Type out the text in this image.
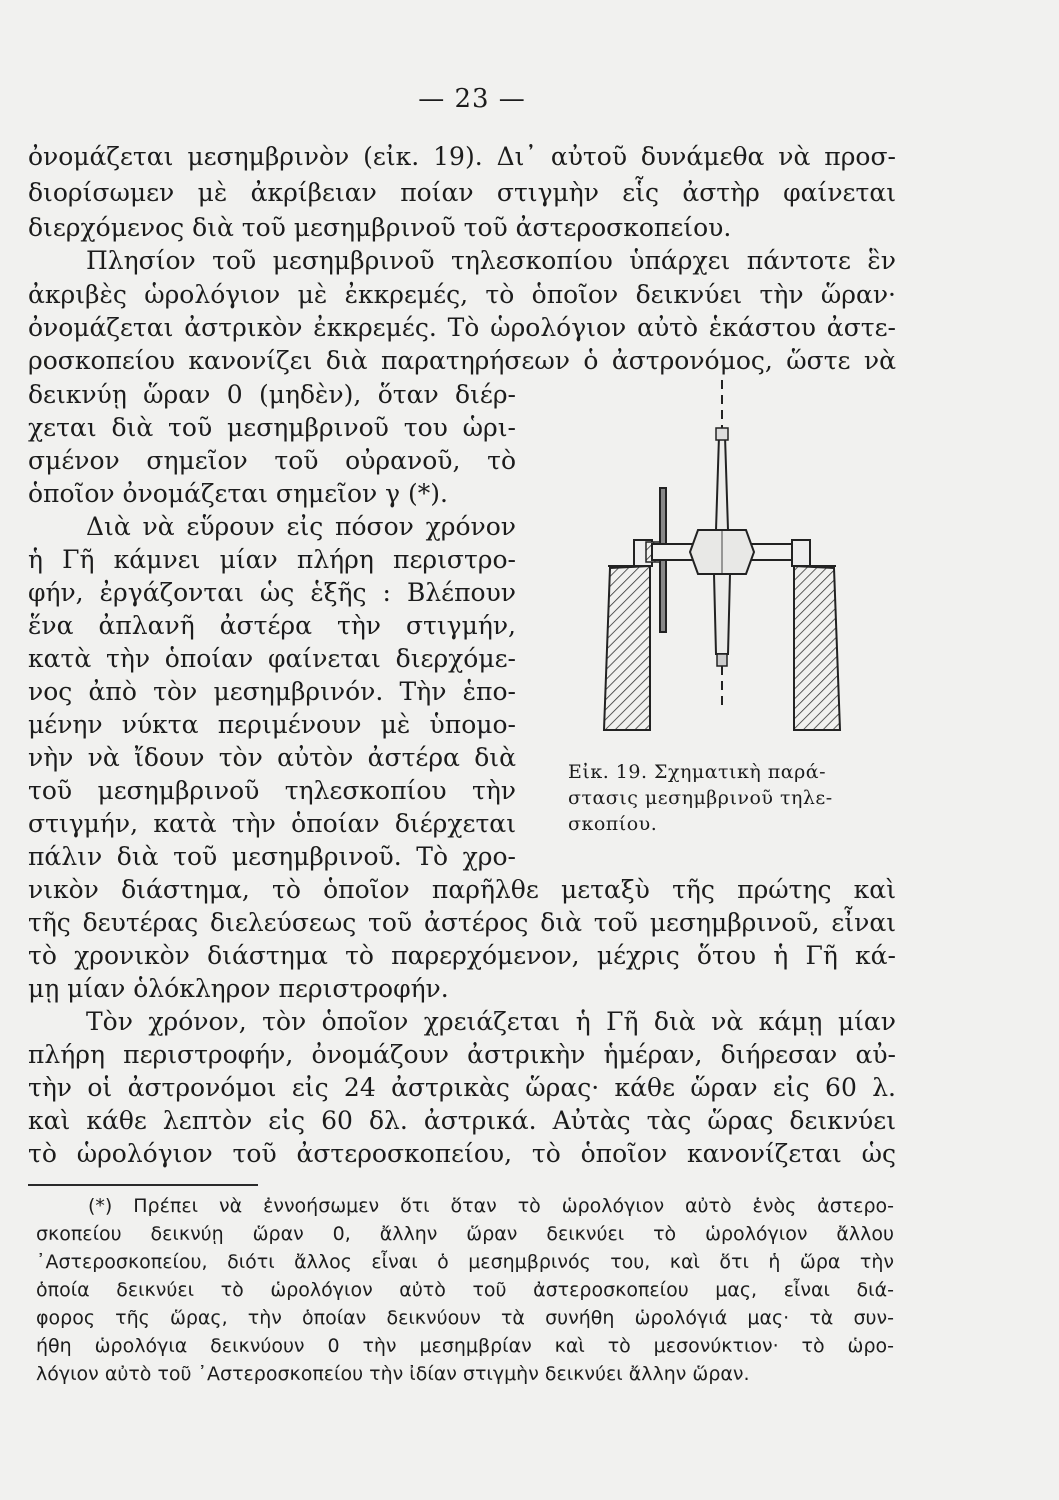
— 23 —
ὀνομάζεται μεσημβρινὸν (εἰκ. 19). Δι᾿ αὐτοῦ δυνάμεθα νὰ προσ-
διορίσωμεν μὲ ἀκρίβειαν ποίαν στιγμὴν εἷς ἀστὴρ φαίνεται
διερχόμενος διὰ τοῦ μεσημβρινοῦ τοῦ ἀστεροσκοπείου.
Πλησίον τοῦ μεσημβρινοῦ τηλεσκοπίου ὑπάρχει πάντοτε ἓν
ἀκριβὲς ὡρολόγιον μὲ ἐκκρεμές, τὸ ὁποῖον δεικνύει τὴν ὥραν·
ὀνομάζεται ἀστρικὸν ἐκκρεμές. Τὸ ὡρολόγιον αὐτὸ ἑκάστου ἀστε-
ροσκοπείου κανονίζει διὰ παρατηρήσεων ὁ ἀστρονόμος, ὥστε νὰ
δεικνύῃ ὥραν 0 (μηδὲν), ὅταν διέρ-
χεται διὰ τοῦ μεσημβρινοῦ του ὡρι-
σμένον σημεῖον τοῦ οὐρανοῦ, τὸ
ὁποῖον ὀνομάζεται σημεῖον γ (*).
Διὰ νὰ εὕρουν εἰς πόσον χρόνον
ἡ Γῆ κάμνει μίαν πλήρη περιστρο-
φήν, ἐργάζονται ὡς ἑξῆς : Βλέπουν
ἕνα ἀπλανῆ ἀστέρα τὴν στιγμήν,
κατὰ τὴν ὁποίαν φαίνεται διερχόμε-
νος ἀπὸ τὸν μεσημβρινόν. Τὴν ἑπο-
μένην νύκτα περιμένουν μὲ ὑπομο-
νὴν νὰ ἴδουν τὸν αὐτὸν ἀστέρα διὰ
τοῦ μεσημβρινοῦ τηλεσκοπίου τὴν
στιγμήν, κατὰ τὴν ὁποίαν διέρχεται
πάλιν διὰ τοῦ μεσημβρινοῦ. Τὸ χρο-
νικὸν διάστημα, τὸ ὁποῖον παρῆλθε μεταξὺ τῆς πρώτης καὶ
τῆς δευτέρας διελεύσεως τοῦ ἀστέρος διὰ τοῦ μεσημβρινοῦ, εἶναι
τὸ χρονικὸν διάστημα τὸ παρερχόμενον, μέχρις ὅτου ἡ Γῆ κά-
μῃ μίαν ὁλόκληρον περιστροφήν.
Τὸν χρόνον, τὸν ὁποῖον χρειάζεται ἡ Γῆ διὰ νὰ κάμῃ μίαν
πλήρη περιστροφήν, ὀνομάζουν ἀστρικὴν ἡμέραν, διήρεσαν αὐ-
τὴν οἱ ἀστρονόμοι εἰς 24 ἀστρικὰς ὥρας· κάθε ὥραν εἰς 60 λ.
καὶ κάθε λεπτὸν εἰς 60 δλ. ἀστρικά. Αὐτὰς τὰς ὥρας δεικνύει
τὸ ὡρολόγιον τοῦ ἀστεροσκοπείου, τὸ ὁποῖον κανονίζεται ὡς
Εἰκ. 19. Σχηματικὴ παρά-
στασις μεσημβρινοῦ τηλε-
σκοπίου.
(*) Πρέπει νὰ ἐννοήσωμεν ὅτι ὅταν τὸ ὡρολόγιον αὐτὸ ἑνὸς ἀστερο-
σκοπείου δεικνύῃ ὥραν 0, ἄλλην ὥραν δεικνύει τὸ ὡρολόγιον ἄλλου
᾿Αστεροσκοπείου, διότι ἄλλος εἶναι ὁ μεσημβρινός του, καὶ ὅτι ἡ ὥρα τὴν
ὁποία δεικνύει τὸ ὡρολόγιον αὐτὸ τοῦ ἀστεροσκοπείου μας, εἶναι διά-
φορος τῆς ὥρας, τὴν ὁποίαν δεικνύουν τὰ συνήθη ὡρολόγιά μας· τὰ συν-
ήθη ὡρολόγια δεικνύουν 0 τὴν μεσημβρίαν καὶ τὸ μεσονύκτιον· τὸ ὡρο-
λόγιον αὐτὸ τοῦ ᾿Αστεροσκοπείου τὴν ἰδίαν στιγμὴν δεικνύει ἄλλην ὥραν.
